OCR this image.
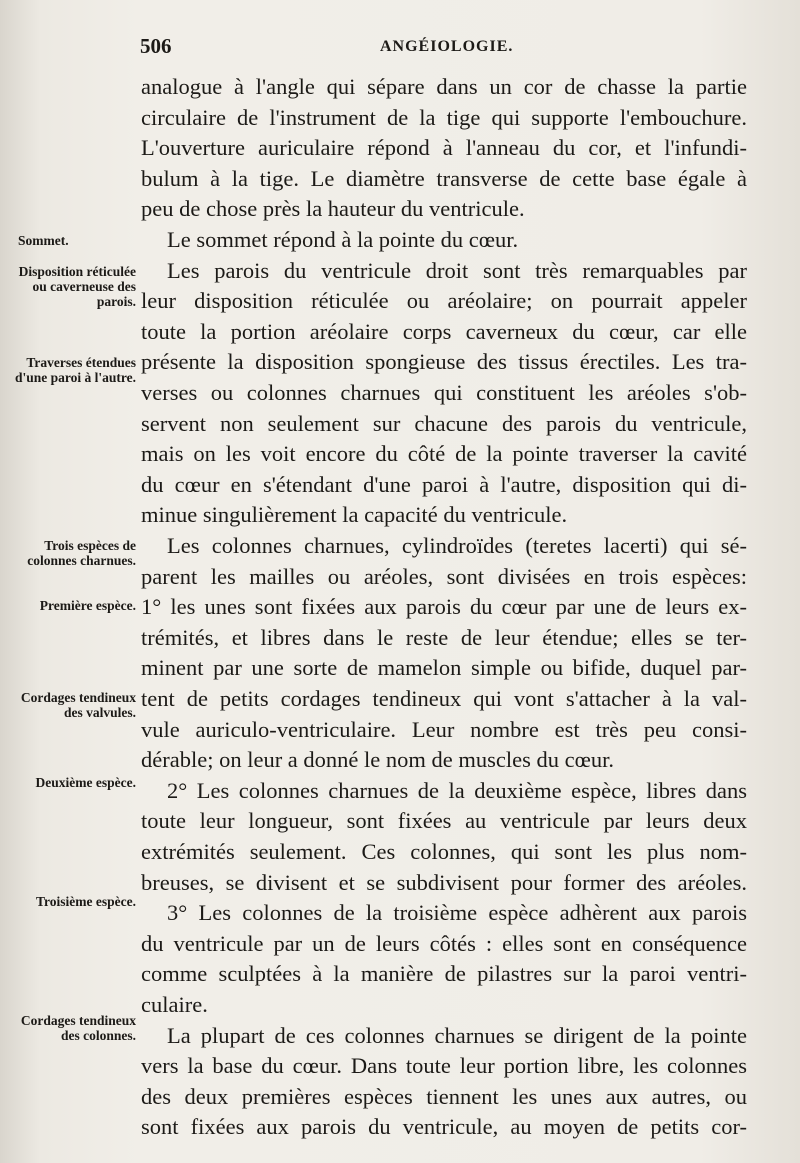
506	ANGÉIOLOGIE.
Sommet.
Disposition réticulée ou caverneuse des parois.
Traverses étendues d'une paroi à l'autre.
Trois espèces de colonnes charnues.
Première espèce.
Cordages tendineux des valvules.
Deuxième espèce.
Troisième espèce.
Cordages tendineux des colonnes.
analogue à l'angle qui sépare dans un cor de chasse la partie
circulaire de l'instrument de la tige qui supporte l'embouchure.
L'ouverture auriculaire répond à l'anneau du cor, et l'infundi-
bulum à la tige. Le diamètre transverse de cette base égale à
peu de chose près la hauteur du ventricule.
Le sommet répond à la pointe du cœur.
Les parois du ventricule droit sont très remarquables par
leur disposition réticulée ou aréolaire; on pourrait appeler
toute la portion aréolaire corps caverneux du cœur, car elle
présente la disposition spongieuse des tissus érectiles. Les tra-
verses ou colonnes charnues qui constituent les aréoles s'ob-
servent non seulement sur chacune des parois du ventricule,
mais on les voit encore du côté de la pointe traverser la cavité
du cœur en s'étendant d'une paroi à l'autre, disposition qui di-
minue singulièrement la capacité du ventricule.
Les colonnes charnues, cylindroïdes (teretes lacerti) qui sé-
parent les mailles ou aréoles, sont divisées en trois espèces:
1° les unes sont fixées aux parois du cœur par une de leurs ex-
trémités, et libres dans le reste de leur étendue; elles se ter-
minent par une sorte de mamelon simple ou bifide, duquel par-
tent de petits cordages tendineux qui vont s'attacher à la val-
vule auriculo-ventriculaire. Leur nombre est très peu consi-
dérable; on leur a donné le nom de muscles du cœur.
2° Les colonnes charnues de la deuxième espèce, libres dans
toute leur longueur, sont fixées au ventricule par leurs deux
extrémités seulement. Ces colonnes, qui sont les plus nom-
breuses, se divisent et se subdivisent pour former des aréoles.
3° Les colonnes de la troisième espèce adhèrent aux parois
du ventricule par un de leurs côtés : elles sont en conséquence
comme sculptées à la manière de pilastres sur la paroi ventri-
culaire.
La plupart de ces colonnes charnues se dirigent de la pointe
vers la base du cœur. Dans toute leur portion libre, les colonnes
des deux premières espèces tiennent les unes aux autres, ou
sont fixées aux parois du ventricule, au moyen de petits cor-
